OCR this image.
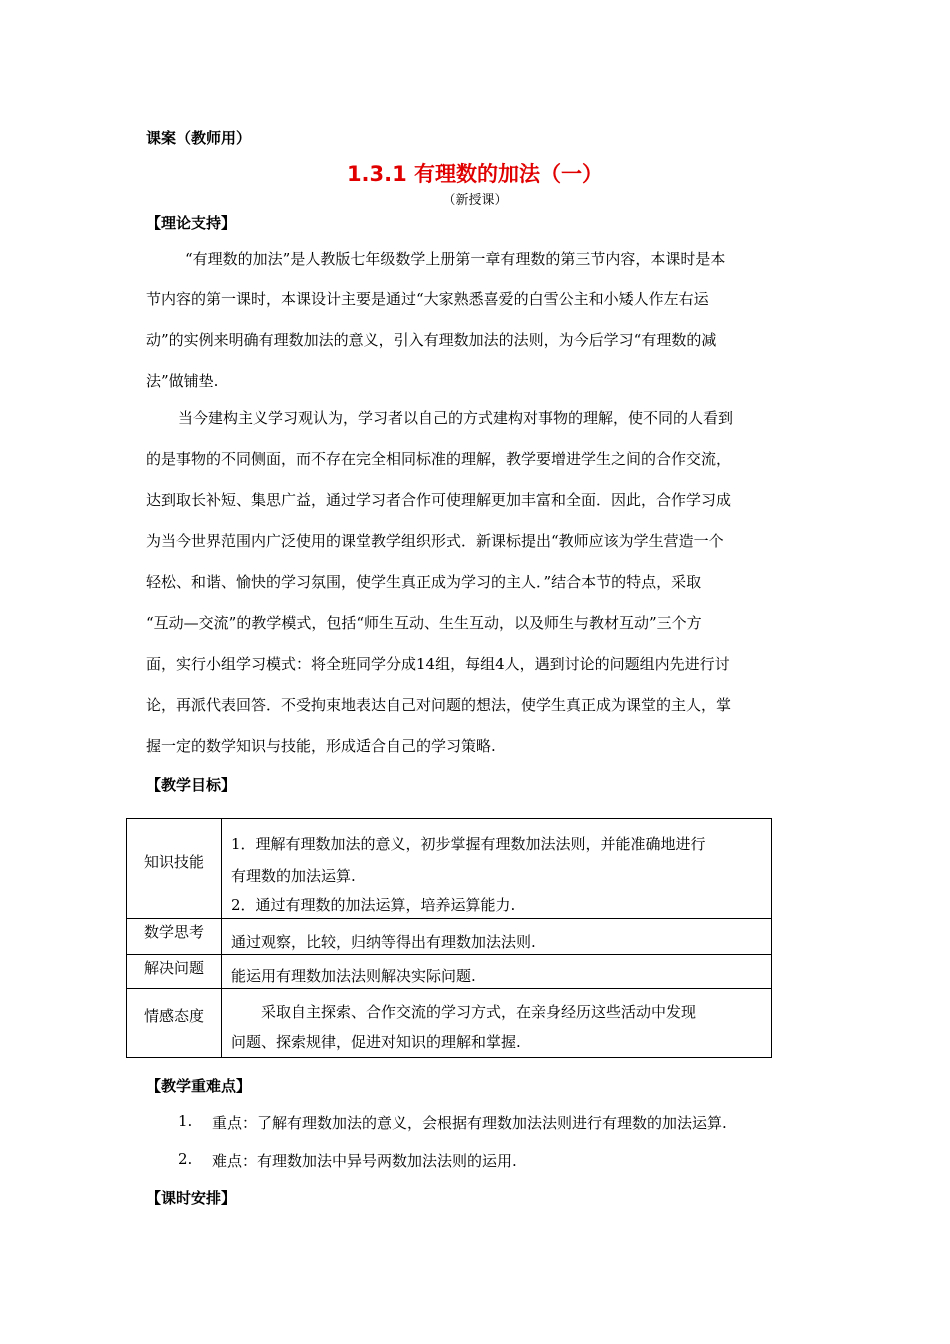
课案（教师用）
1.3.1 有理数的加法（一）
（新授课）
【理论支持】
“有理数的加法”是人教版七年级数学上册第一章有理数的第三节内容，本课时是本
节内容的第一课时，本课设计主要是通过“大家熟悉喜爱的白雪公主和小矮人作左右运
动”的实例来明确有理数加法的意义，引入有理数加法的法则，为今后学习“有理数的减
法”做铺垫.
当今建构主义学习观认为，学习者以自己的方式建构对事物的理解，使不同的人看到
的是事物的不同侧面，而不存在完全相同标准的理解，教学要增进学生之间的合作交流，
达到取长补短、集思广益，通过学习者合作可使理解更加丰富和全面．因此，合作学习成
为当今世界范围内广泛使用的课堂教学组织形式．新课标提出“教师应该为学生营造一个
轻松、和谐、愉快的学习氛围，使学生真正成为学习的主人．”结合本节的特点，采取
“互动—交流”的教学模式，包括“师生互动、生生互动，以及师生与教材互动”三个方
面，实行小组学习模式：将全班同学分成14组，每组4人，遇到讨论的问题组内先进行讨
论，再派代表回答．不受拘束地表达自己对问题的想法，使学生真正成为课堂的主人，掌
握一定的数学知识与技能，形成适合自己的学习策略.
【教学目标】
知识技能	1．理解有理数加法的意义，初步掌握有理数加法法则，并能准确地进行
有理数的加法运算.
2．通过有理数的加法运算，培养运算能力.

数学思考	通过观察，比较，归纳等得出有理数加法法则.

解决问题	能运用有理数加法法则解决实际问题.

情感态度	　　采取自主探索、合作交流的学习方式，在亲身经历这些活动中发现
问题、探索规律，促进对知识的理解和掌握.
【教学重难点】
1. 重点：了解有理数加法的意义，会根据有理数加法法则进行有理数的加法运算.
2. 难点：有理数加法中异号两数加法法则的运用.
【课时安排】
